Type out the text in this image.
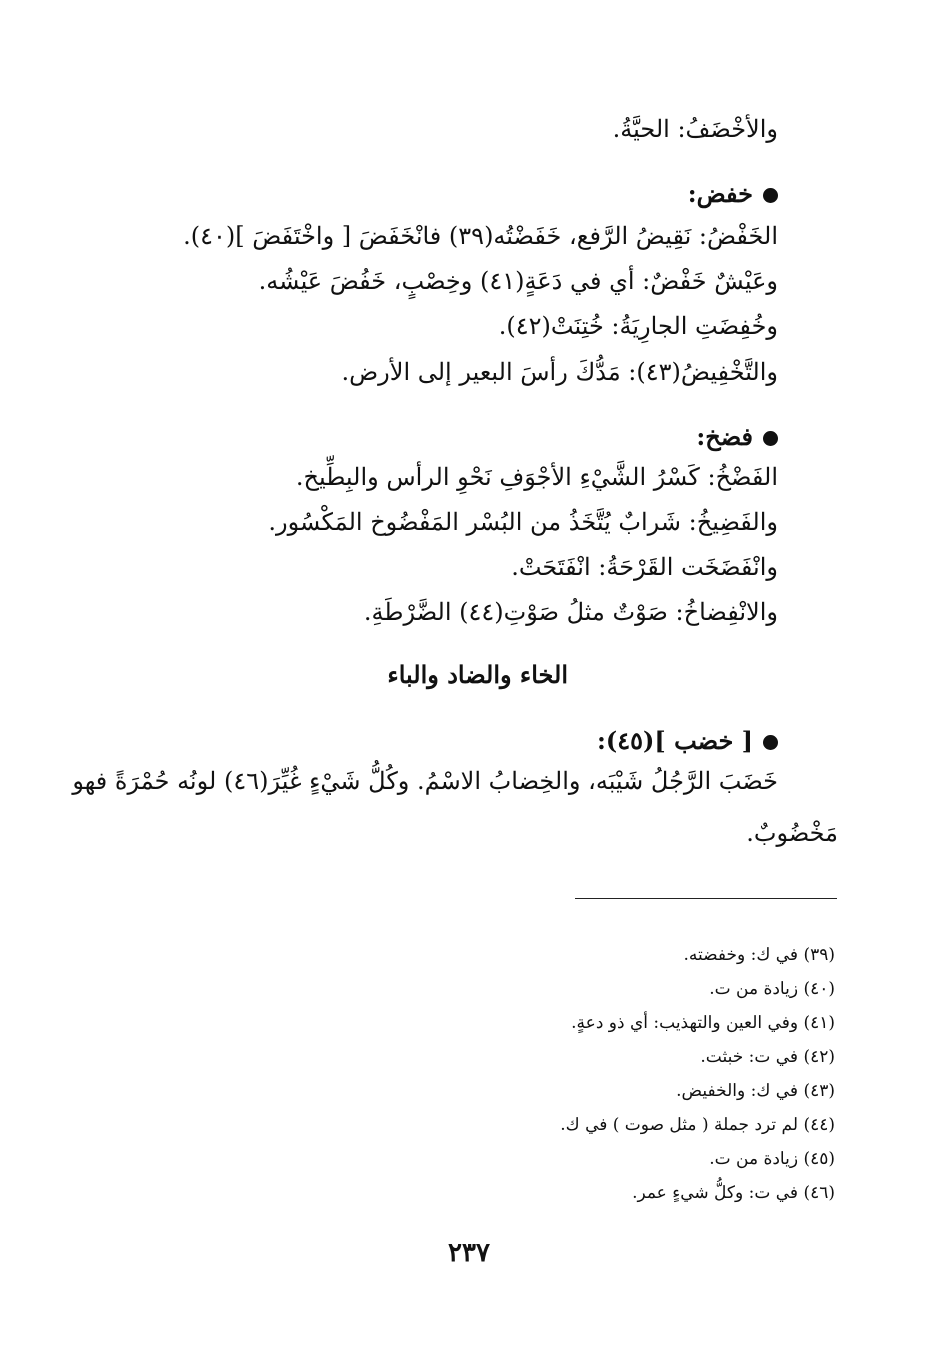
والأخْضَفُ: الحيَّةُ.
خفض:
الخَفْضُ: نَقِيضُ الرَّفع، خَفَضْتُه(٣٩) فانْخَفَضَ [ واخْتَفَضَ ](٤٠).
وعَيْشٌ خَفْضٌ: أي في دَعَةٍ(٤١) وخِصْبٍ، خَفُضَ عَيْشُه.
وخُفِضَتِ الجارِيَةُ: خُتِنَتْ(٤٢).
والتَّخْفِيضُ(٤٣): مَدُّكَ رأسَ البعير إلى الأرض.
فضخ:
الفَضْخُ: كَسْرُ الشَّيْءِ الأجْوَفِ نَحْوِ الرأس والبِطِّيخ.
والفَضِيخُ: شَرابٌ يُتَّخَذُ من البُسْر المَفْضُوخ المَكْسُور.
وانْفَضَخَت القَرْحَةُ: انْفَتَحَتْ.
والانْفِضاخُ: صَوْتٌ مثلُ صَوْتِ(٤٤) الضَّرْطَةِ.
الخاء والضاد والباء
[ خضب ](٤٥):
خَضَبَ الرَّجُلُ شَيْبَه، والخِضابُ الاسْمُ. وكُلُّ شَيْءٍ غُيِّرَ(٤٦) لونُه حُمْرَةً فهو
مَخْضُوبٌ.
(٣٩) في ك: وخفضته.
(٤٠) زيادة من ت.
(٤١) وفي العين والتهذيب: أي ذو دعةٍ.
(٤٢) في ت: خبثت.
(٤٣) في ك: والخفيض.
(٤٤) لم ترد جملة ( مثل صوت ) في ك.
(٤٥) زيادة من ت.
(٤٦) في ت: وكلُّ شيءٍ عمر.
٢٣٧
